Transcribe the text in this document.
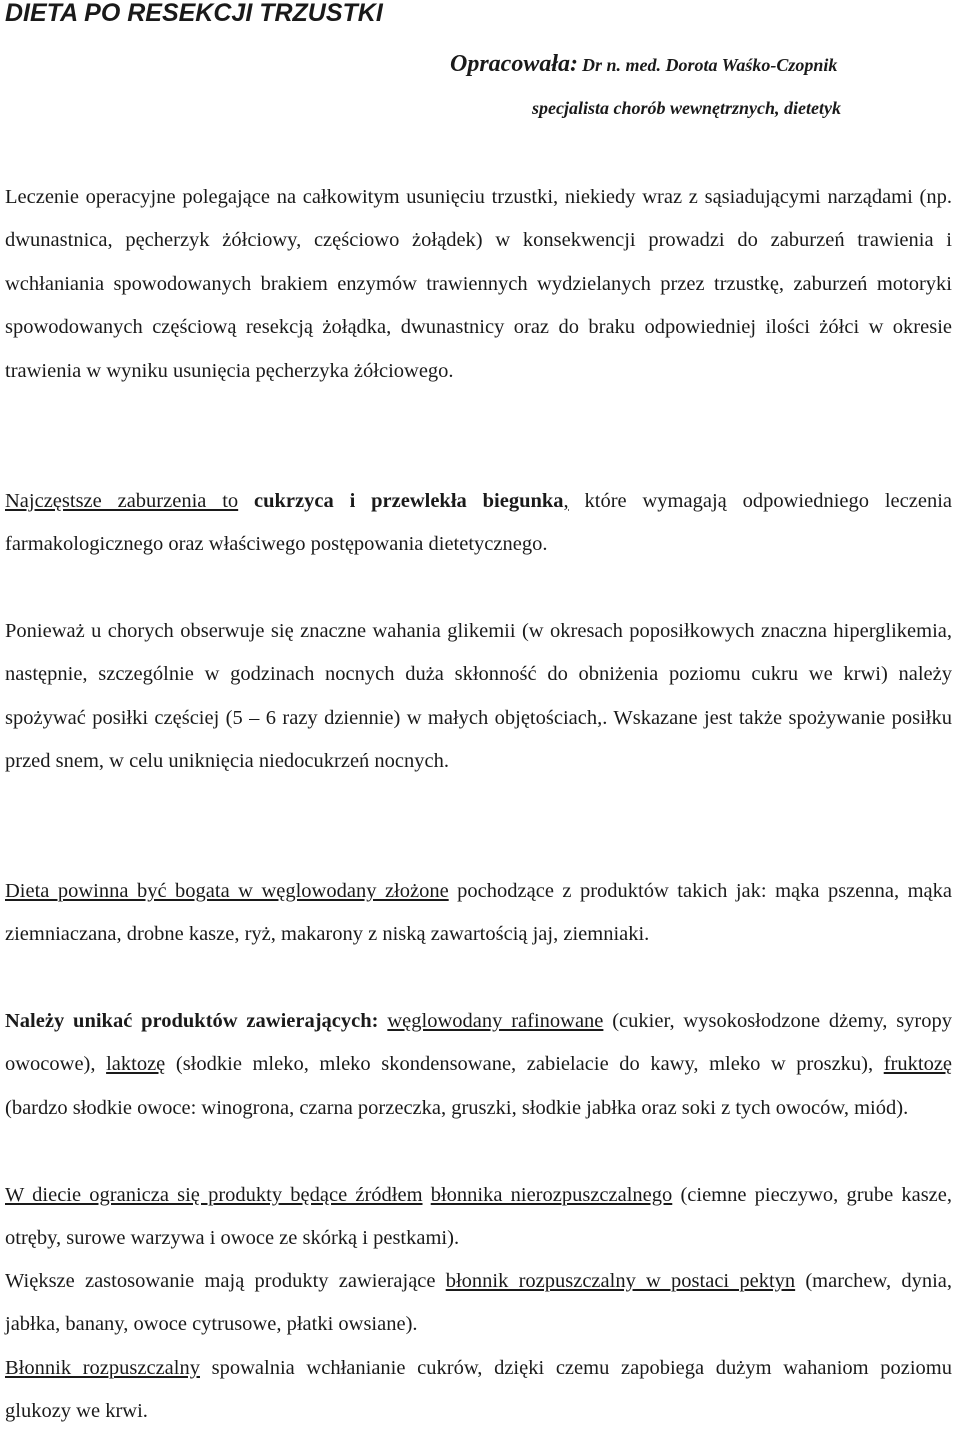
DIETA PO RESEKCJI TRZUSTKI
Opracowała: Dr n. med. Dorota Waśko-Czopnik
specjalista chorób wewnętrznych, dietetyk

Leczenie operacyjne polegające na całkowitym usunięciu trzustki, niekiedy wraz z sąsiadującymi narządami (np. dwunastnica, pęcherzyk żółciowy, częściowo żołądek) w konsekwencji prowadzi do zaburzeń trawienia i wchłaniania spowodowanych brakiem enzymów trawiennych wydzielanych przez trzustkę, zaburzeń motoryki spowodowanych częściową resekcją żołądka, dwunastnicy oraz do braku odpowiedniej ilości żółci w okresie trawienia w wyniku usunięcia pęcherzyka żółciowego.

Najczęstsze zaburzenia to cukrzyca i przewlekła biegunka, które wymagają odpowiedniego leczenia farmakologicznego oraz właściwego postępowania dietetycznego.

Ponieważ u chorych obserwuje się znaczne wahania glikemii (w okresach poposiłkowych znaczna hiperglikemia, następnie, szczególnie w godzinach nocnych duża skłonność do obniżenia poziomu cukru we krwi) należy spożywać posiłki częściej (5 – 6 razy dziennie) w małych objętościach,. Wskazane jest także spożywanie posiłku przed snem, w celu uniknięcia niedocukrzeń nocnych.

Dieta powinna być bogata w węglowodany złożone pochodzące z produktów takich jak: mąka pszenna, mąka ziemniaczana, drobne kasze, ryż, makarony z niską zawartością jaj, ziemniaki.

Należy unikać produktów zawierających: węglowodany rafinowane (cukier, wysokosłodzone dżemy, syropy owocowe), laktozę (słodkie mleko, mleko skondensowane, zabielacie do kawy, mleko w proszku), fruktozę (bardzo słodkie owoce: winogrona, czarna porzeczka, gruszki, słodkie jabłka oraz soki z tych owoców, miód).

W diecie ogranicza się produkty będące źródłem błonnika nierozpuszczalnego (ciemne pieczywo, grube kasze, otręby, surowe warzywa i owoce ze skórką i pestkami).

Większe zastosowanie mają produkty zawierające błonnik rozpuszczalny w postaci pektyn (marchew, dynia, jabłka, banany, owoce cytrusowe, płatki owsiane).

Błonnik rozpuszczalny spowalnia wchłanianie cukrów, dzięki czemu zapobiega dużym wahaniom poziomu glukozy we krwi.
